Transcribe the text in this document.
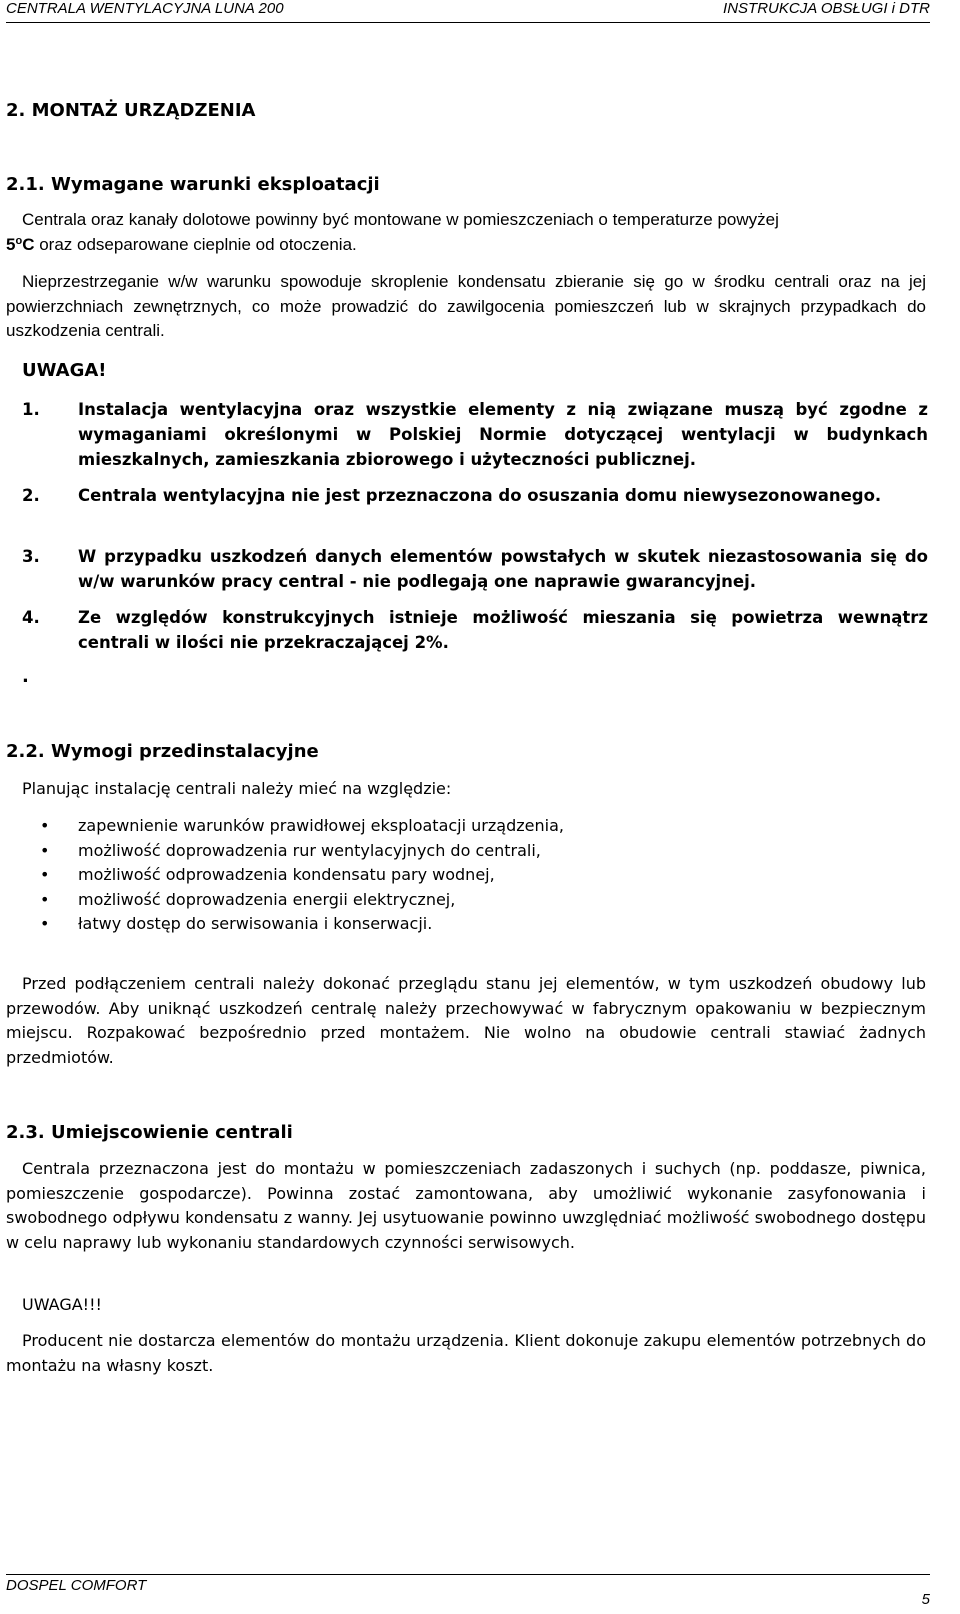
CENTRALA WENTYLACYJNA LUNA 200	INSTRUKCJA OBSŁUGI i DTR
2. MONTAŻ URZĄDZENIA
2.1. Wymagane warunki eksploatacji
Centrala oraz kanały dolotowe powinny być montowane w pomieszczeniach o temperaturze powyżej
5$^o$C oraz odseparowane cieplnie od otoczenia.
Nieprzestrzeganie w/w warunku spowoduje skroplenie kondensatu zbieranie się go w środku centrali oraz na jej powierzchniach zewnętrznych, co może prowadzić do zawilgocenia pomieszczeń lub w skrajnych przypadkach do uszkodzenia centrali.
UWAGA!
1. Instalacja wentylacyjna oraz wszystkie elementy z nią związane muszą być zgodne z wymaganiami określonymi w Polskiej Normie dotyczącej wentylacji w budynkach mieszkalnych, zamieszkania zbiorowego i użyteczności publicznej.
2. Centrala wentylacyjna nie jest przeznaczona do osuszania domu niewysezonowanego.
3. W przypadku uszkodzeń danych elementów powstałych w skutek niezastosowania się do w/w warunków pracy central - nie podlegają one naprawie gwarancyjnej.
4. Ze względów konstrukcyjnych istnieje możliwość mieszania się powietrza wewnątrz centrali w ilości nie przekraczającej 2%.
.
2.2. Wymogi przedinstalacyjne
Planując instalację centrali należy mieć na względzie:
• zapewnienie warunków prawidłowej eksploatacji urządzenia,
• możliwość doprowadzenia rur wentylacyjnych do centrali,
• możliwość odprowadzenia kondensatu pary wodnej,
• możliwość doprowadzenia energii elektrycznej,
• łatwy dostęp do serwisowania i konserwacji.
Przed podłączeniem centrali należy dokonać przeglądu stanu jej elementów, w tym uszkodzeń obudowy lub przewodów. Aby uniknąć uszkodzeń centralę należy przechowywać w fabrycznym opakowaniu w bezpiecznym miejscu. Rozpakować bezpośrednio przed montażem. Nie wolno na obudowie centrali stawiać żadnych przedmiotów.
2.3. Umiejscowienie centrali
Centrala przeznaczona jest do montażu w pomieszczeniach zadaszonych i suchych (np. poddasze, piwnica, pomieszczenie gospodarcze). Powinna zostać zamontowana, aby umożliwić wykonanie zasyfonowania i swobodnego odpływu kondensatu z wanny. Jej usytuowanie powinno uwzględniać możliwość swobodnego dostępu w celu naprawy lub wykonaniu standardowych czynności serwisowych.
UWAGA!!!
Producent nie dostarcza elementów do montażu urządzenia. Klient dokonuje zakupu elementów potrzebnych do montażu na własny koszt.
DOSPEL COMFORT
5
